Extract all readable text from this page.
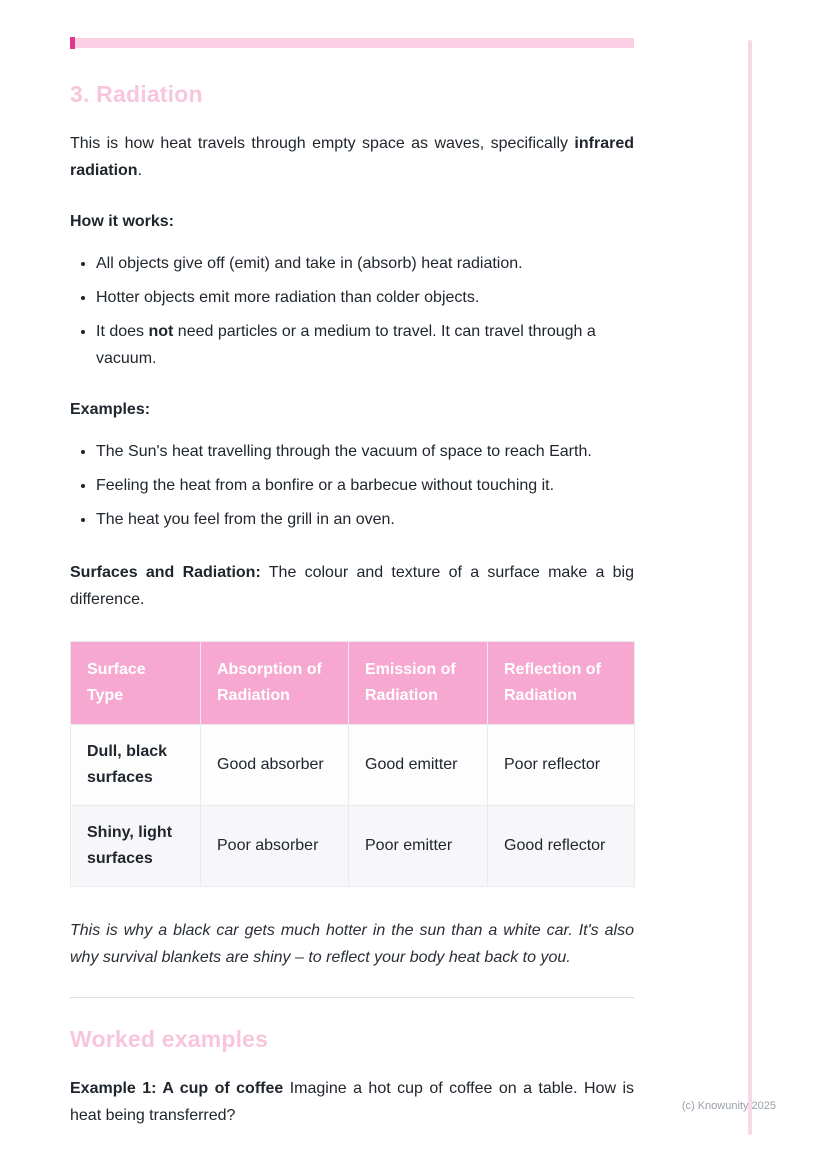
3. Radiation

This is how heat travels through empty space as waves, specifically infrared radiation.

How it works:

• All objects give off (emit) and take in (absorb) heat radiation.
• Hotter objects emit more radiation than colder objects.
• It does not need particles or a medium to travel. It can travel through a vacuum.

Examples:

• The Sun's heat travelling through the vacuum of space to reach Earth.
• Feeling the heat from a bonfire or a barbecue without touching it.
• The heat you feel from the grill in an oven.

Surfaces and Radiation: The colour and texture of a surface make a big difference.

Surface Type	Absorption of Radiation	Emission of Radiation	Reflection of Radiation
Dull, black surfaces	Good absorber	Good emitter	Poor reflector
Shiny, light surfaces	Poor absorber	Poor emitter	Good reflector

This is why a black car gets much hotter in the sun than a white car. It's also why survival blankets are shiny – to reflect your body heat back to you.

Worked examples

Example 1: A cup of coffee Imagine a hot cup of coffee on a table. How is heat being transferred?

(c) Knowunity 2025
